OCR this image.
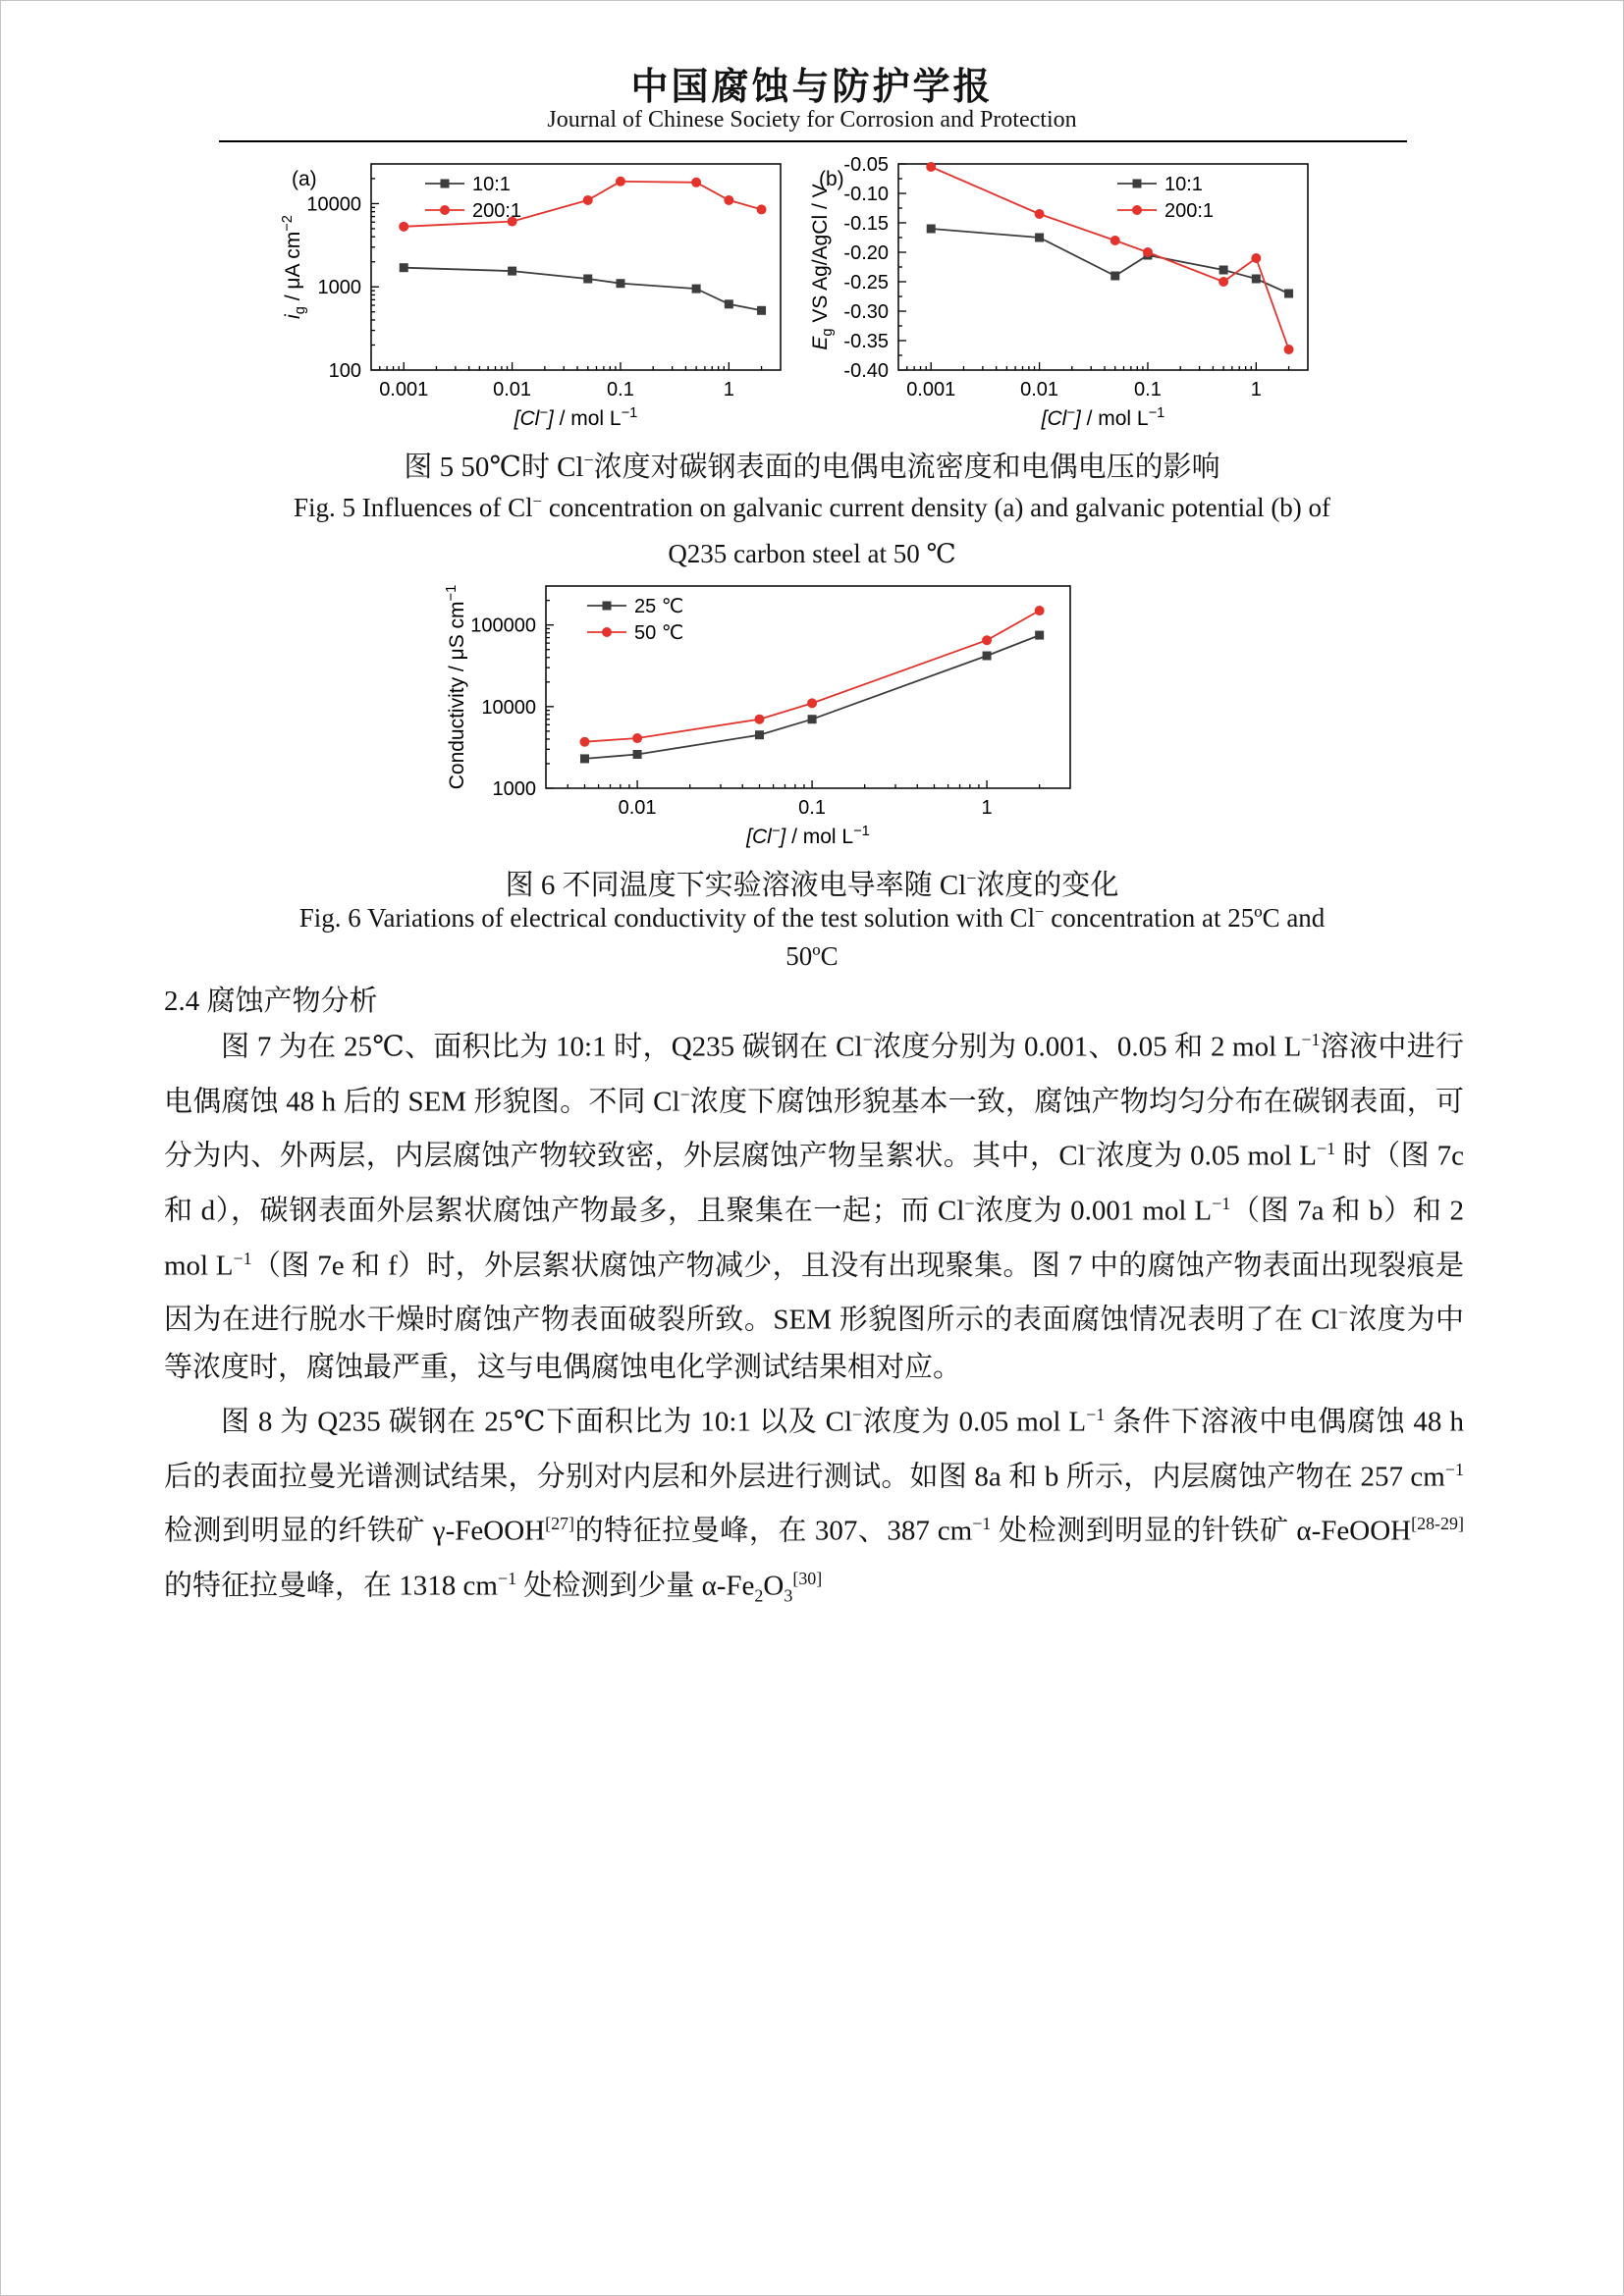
中国腐蚀与防护学报
Journal of Chinese Society for Corrosion and Protection
0.001	0.01	0.1	1
100
1000
10000
10:1
200:1
[Cl−] / mol $L^{-1}$
$i_g$ / μA $cm^{-2}$
(a)
0.001	0.01	0.1	1
-0.40
-0.35
-0.30
-0.25
-0.20
-0.15
-0.10
-0.05
10:1
200:1
[Cl−] / mol $L^{-1}$
$E_g$ VS Ag/AgCl / V
(b)
图 5 50℃时 Cl−浓度对碳钢表面的电偶电流密度和电偶电压的影响
Fig. 5 Influences of Cl− concentration on galvanic current density (a) and galvanic potential (b) of
Q235 carbon steel at 50 ℃
0.01	0.1	1
1000
10000
100000
25 ℃
50 ℃
[Cl−] / mol $L^{-1}$
Conductivity / μS $cm^{-1}$
图 6 不同温度下实验溶液电导率随 Cl−浓度的变化
Fig. 6 Variations of electrical conductivity of the test solution with Cl− concentration at 25ºC and
50ºC
2.4 腐蚀产物分析

图 7 为在 25℃、面积比为 10:1 时，Q235 碳钢在 Cl−浓度分别为 0.001、0.05 和 2 mol $L^{-1}$溶液中进行电偶腐蚀 48 h 后的 SEM 形貌图。不同 Cl−浓度下腐蚀形貌基本一致，腐蚀产物均匀分布在碳钢表面，可分为内、外两层，内层腐蚀产物较致密，外层腐蚀产物呈絮状。其中，Cl−浓度为 0.05 mol $L^{-1}$ 时（图 7c 和 d），碳钢表面外层絮状腐蚀产物最多，且聚集在一起；而 Cl−浓度为 0.001 mol $L^{-1}$（图 7a 和 b）和 2 mol $L^{-1}$（图 7e 和 f）时，外层絮状腐蚀产物减少，且没有出现聚集。图 7 中的腐蚀产物表面出现裂痕是因为在进行脱水干燥时腐蚀产物表面破裂所致。SEM 形貌图所示的表面腐蚀情况表明了在 Cl−浓度为中等浓度时，腐蚀最严重，这与电偶腐蚀电化学测试结果相对应。

图 8 为 Q235 碳钢在 25℃下面积比为 10:1 以及 Cl−浓度为 0.05 mol $L^{-1}$ 条件下溶液中电偶腐蚀 48 h 后的表面拉曼光谱测试结果，分别对内层和外层进行测试。如图 8a 和 b 所示，内层腐蚀产物在 257 $cm^{-1}$ 检测到明显的纤铁矿 γ-FeOOH[27]的特征拉曼峰，在 307、387 $cm^{-1}$ 处检测到明显的针铁矿 α-FeOOH[28-29]的特征拉曼峰，在 1318 $cm^{-1}$ 处检测到少量 $\alpha-Fe_2O_3[30]$
